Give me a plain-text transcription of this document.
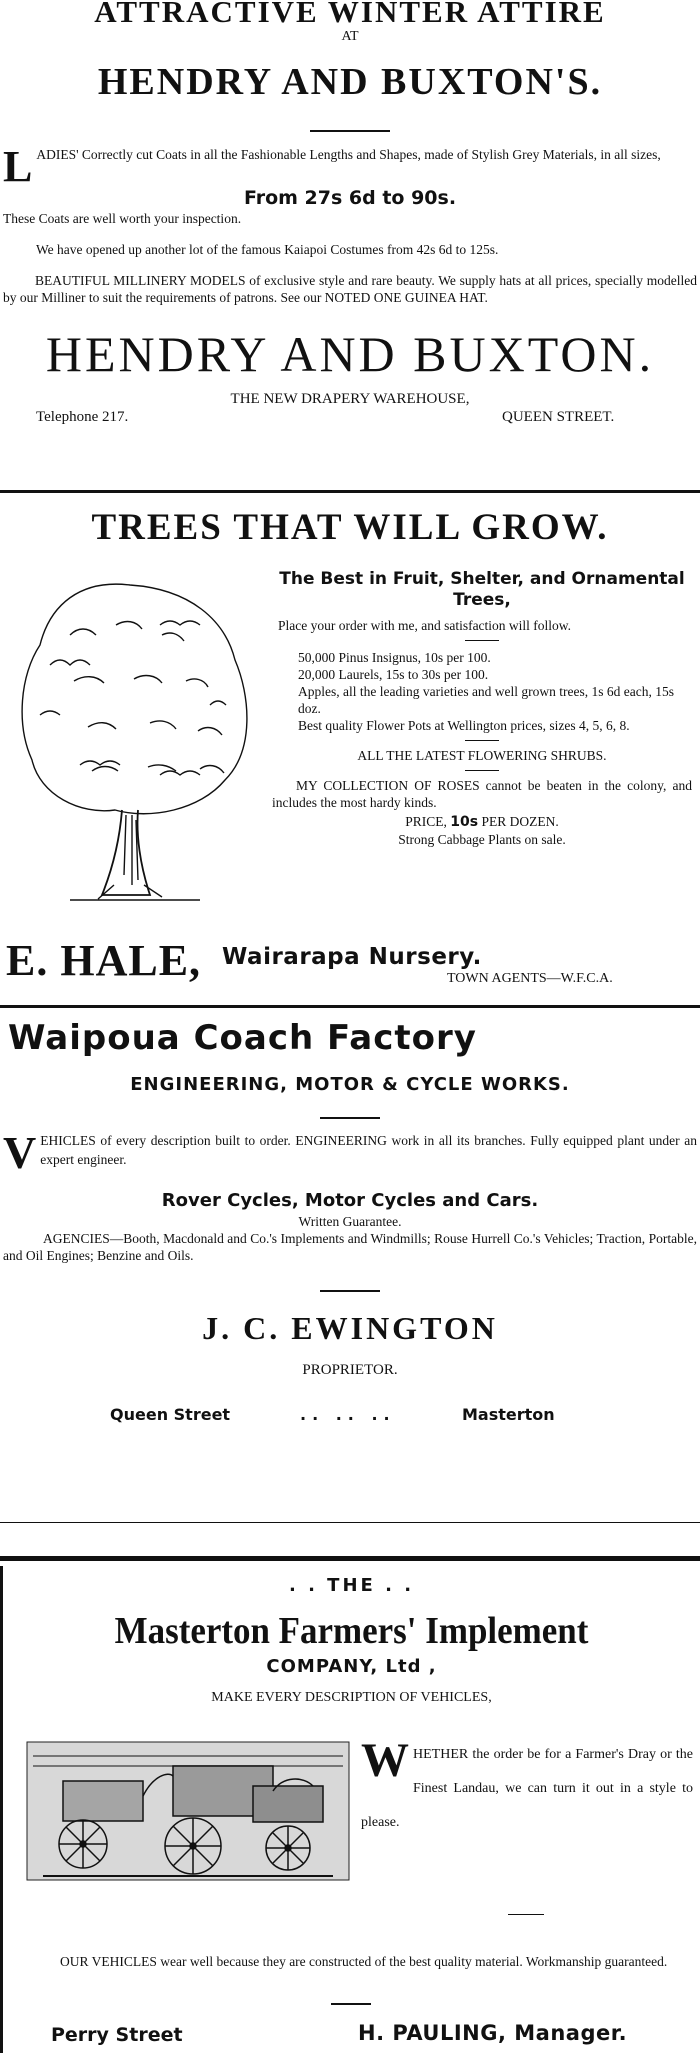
ATTRACTIVE WINTER ATTIRE
AT
HENDRY AND BUXTON'S.
L ADIES' Correctly cut Coats in all the Fashionable Lengths and Shapes, made of Stylish Grey Materials, in all sizes,
From 27s 6d to 90s.

These Coats are well worth your inspection.

We have opened up another lot of the famous Kaiapoi Costumes from 42s 6d to 125s.

BEAUTIFUL MILLINERY MODELS of exclusive style and rare beauty. We supply hats at all prices, specially modelled by our Milliner to suit the requirements of patrons. See our NOTED ONE GUINEA HAT.

HENDRY AND BUXTON.
THE NEW DRAPERY WAREHOUSE,
Telephone 217.	QUEEN STREET.
TREES THAT WILL GROW.
The Best in Fruit, Shelter, and Ornamental Trees,

Place your order with me, and satisfaction will follow.

50,000 Pinus Insignus, 10s per 100.

20,000 Laurels, 15s to 30s per 100.

Apples, all the leading varieties and well grown trees, 1s 6d each, 15s doz.

Best quality Flower Pots at Wellington prices, sizes 4, 5, 6, 8.

ALL THE LATEST FLOWERING SHRUBS.

MY COLLECTION OF ROSES cannot be beaten in the colony, and includes the most hardy kinds.

PRICE, 10s PER DOZEN.

Strong Cabbage Plants on sale.

E. HALE, Wairarapa Nursery.
TOWN AGENTS—W.F.C.A.
Waipoua Coach Factory
ENGINEERING, MOTOR & CYCLE WORKS.
V EHICLES of every description built to order. ENGINEERING work in all its branches. Fully equipped plant under an expert engineer.
Rover Cycles, Motor Cycles and Cars.

Written Guarantee.

AGENCIES—Booth, Macdonald and Co.'s Implements and Windmills; Rouse Hurrell Co.'s Vehicles; Traction, Portable, and Oil Engines; Benzine and Oils.

J. C. EWINGTON

PROPRIETOR.

Queen Street	.. .. ..	Masterton
. . THE . .
Masterton Farmers' Implement
COMPANY, Ltd ,

MAKE EVERY DESCRIPTION OF VEHICLES,

W HETHER the order be for a Farmer's Dray or the Finest Landau, we can turn it out in a style to please.

OUR VEHICLES wear well because they are constructed of the best quality material. Workmanship guaranteed.

Perry Street	H. PAULING, Manager.
